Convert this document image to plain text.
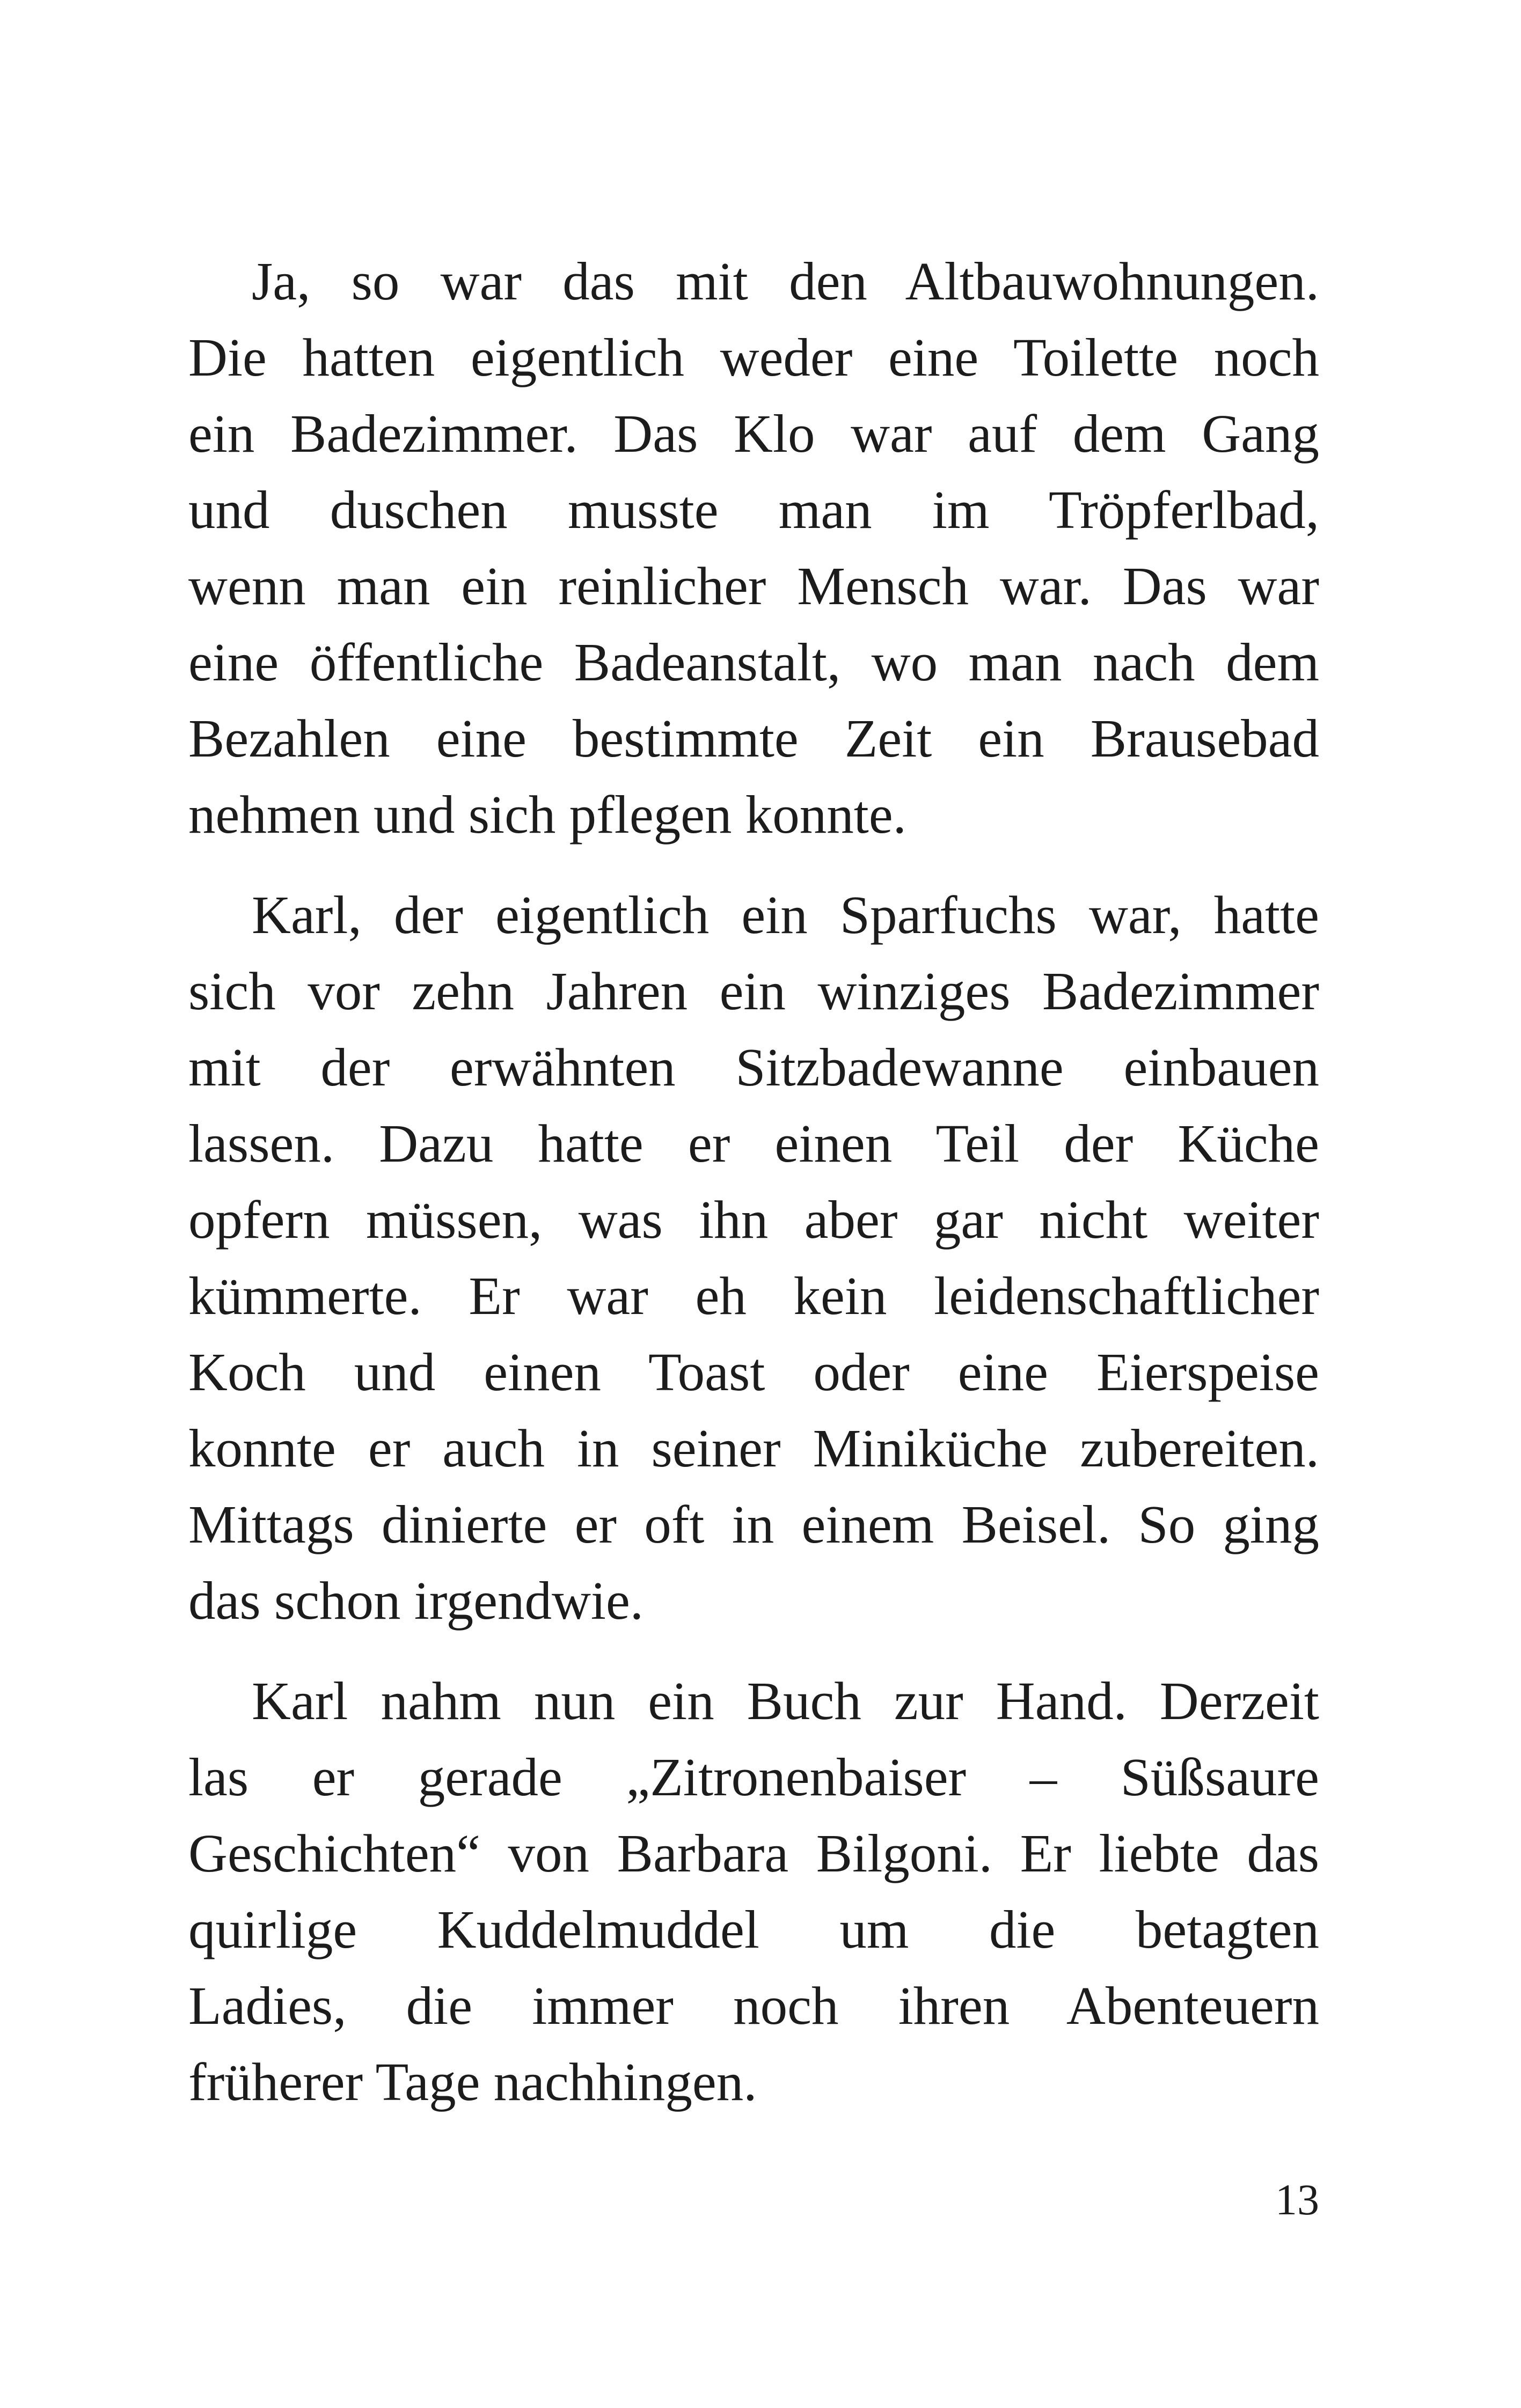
Ja, so war das mit den Altbauwohnungen.
Die hatten eigentlich weder eine Toilette noch
ein Badezimmer. Das Klo war auf dem Gang
und duschen musste man im Tröpferlbad,
wenn man ein reinlicher Mensch war. Das war
eine öffentliche Badeanstalt, wo man nach dem
Bezahlen eine bestimmte Zeit ein Brausebad
nehmen und sich pflegen konnte.

Karl, der eigentlich ein Sparfuchs war, hatte
sich vor zehn Jahren ein winziges Badezimmer
mit der erwähnten Sitzbadewanne einbauen
lassen. Dazu hatte er einen Teil der Küche
opfern müssen, was ihn aber gar nicht weiter
kümmerte. Er war eh kein leidenschaftlicher
Koch und einen Toast oder eine Eierspeise
konnte er auch in seiner Miniküche zubereiten.
Mittags dinierte er oft in einem Beisel. So ging
das schon irgendwie.

Karl nahm nun ein Buch zur Hand. Derzeit
las er gerade „Zitronenbaiser – Süßsaure
Geschichten“ von Barbara Bilgoni. Er liebte das
quirlige Kuddelmuddel um die betagten
Ladies, die immer noch ihren Abenteuern
früherer Tage nachhingen.

13
